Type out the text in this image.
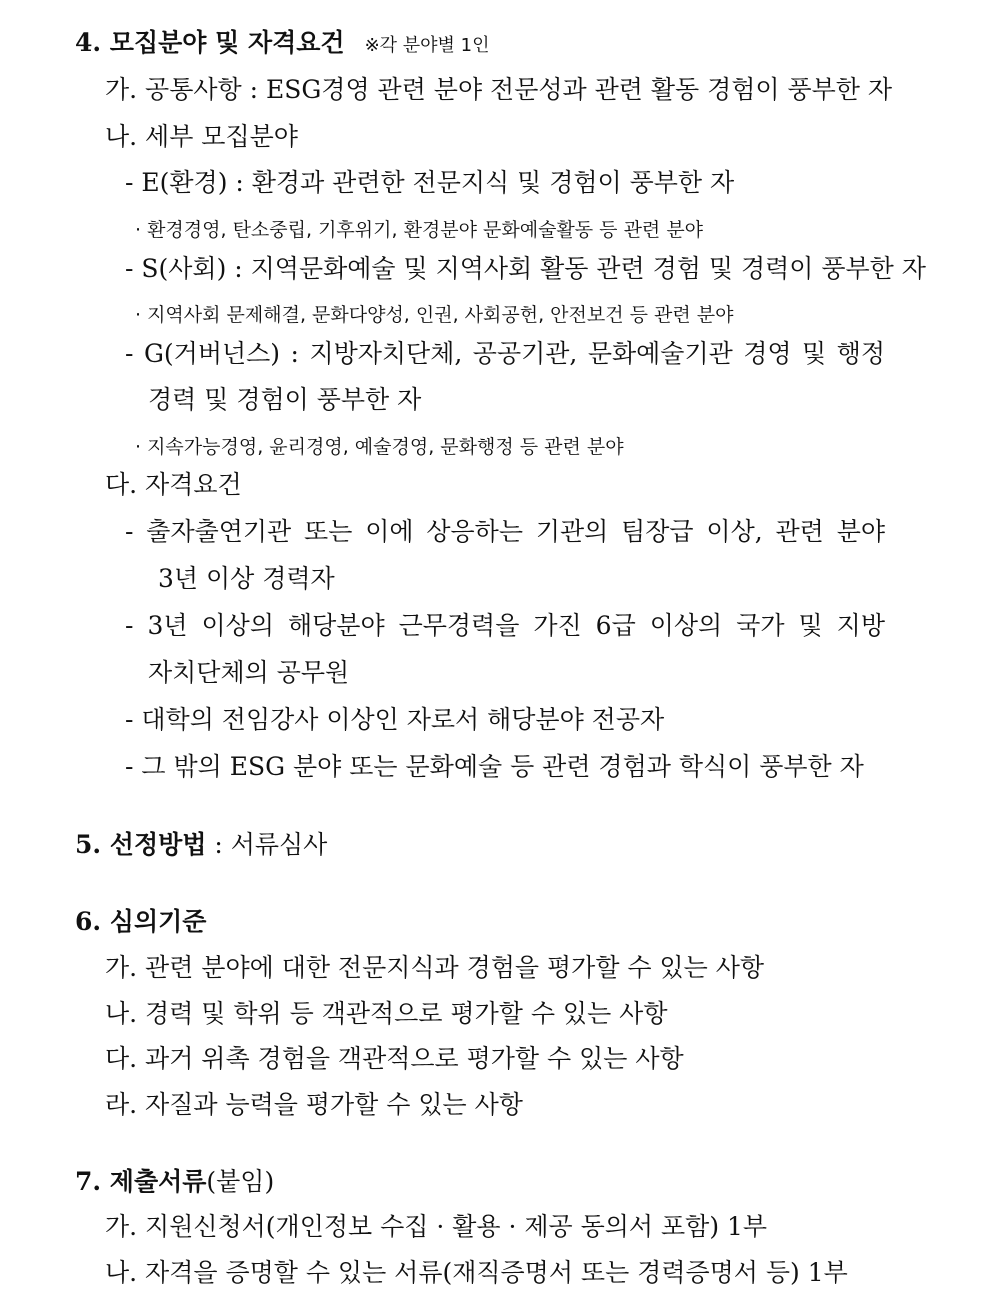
4. 모집분야 및 자격요건 ※각 분야별 1인
가. 공통사항 : ESG경영 관련 분야 전문성과 관련 활동 경험이 풍부한 자
나. 세부 모집분야
- E(환경) : 환경과 관련한 전문지식 및 경험이 풍부한 자
· 환경경영, 탄소중립, 기후위기, 환경분야 문화예술활동 등 관련 분야
- S(사회) : 지역문화예술 및 지역사회 활동 관련 경험 및 경력이 풍부한 자
· 지역사회 문제해결, 문화다양성, 인권, 사회공헌, 안전보건 등 관련 분야
- G(거버넌스) : 지방자치단체, 공공기관, 문화예술기관 경영 및 행정
경력 및 경험이 풍부한 자
· 지속가능경영, 윤리경영, 예술경영, 문화행정 등 관련 분야
다. 자격요건
- 출자출연기관 또는 이에 상응하는 기관의 팀장급 이상, 관련 분야
3년 이상 경력자
- 3년 이상의 해당분야 근무경력을 가진 6급 이상의 국가 및 지방
자치단체의 공무원
- 대학의 전임강사 이상인 자로서 해당분야 전공자
- 그 밖의 ESG 분야 또는 문화예술 등 관련 경험과 학식이 풍부한 자
5. 선정방법 : 서류심사
6. 심의기준
가. 관련 분야에 대한 전문지식과 경험을 평가할 수 있는 사항
나. 경력 및 학위 등 객관적으로 평가할 수 있는 사항
다. 과거 위촉 경험을 객관적으로 평가할 수 있는 사항
라. 자질과 능력을 평가할 수 있는 사항
7. 제출서류(붙임)
가. 지원신청서(개인정보 수집 · 활용 · 제공 동의서 포함) 1부
나. 자격을 증명할 수 있는 서류(재직증명서 또는 경력증명서 등) 1부
